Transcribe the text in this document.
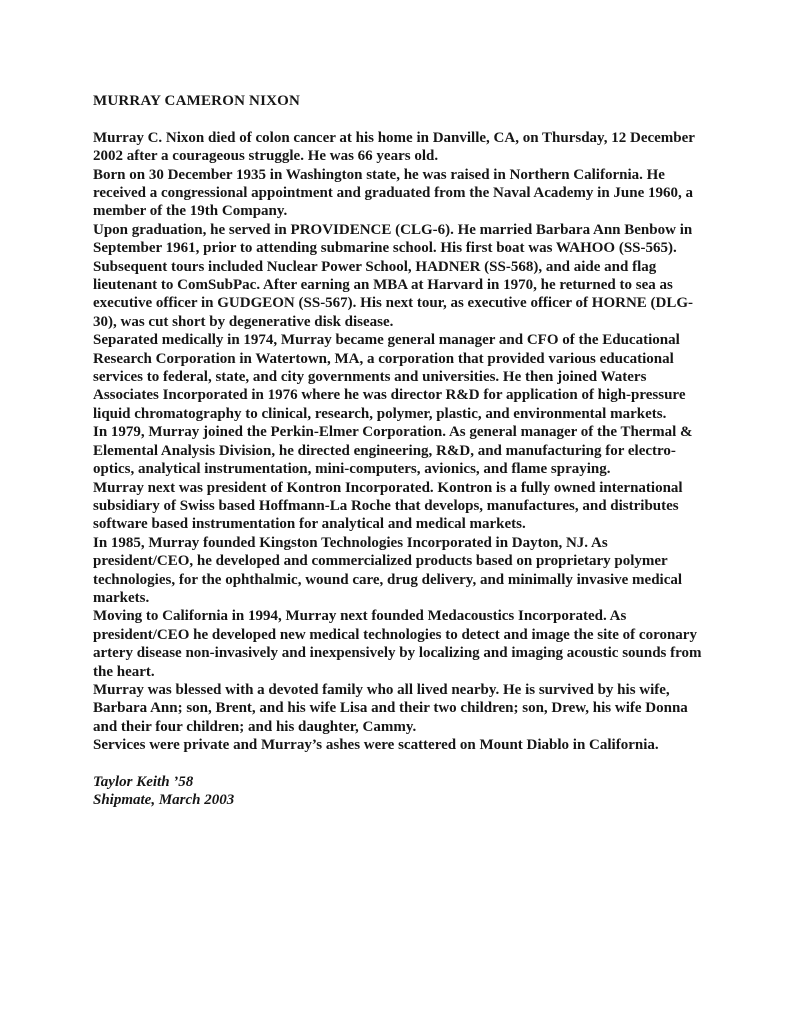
MURRAY CAMERON NIXON

Murray C. Nixon died of colon cancer at his home in Danville, CA, on Thursday, 12 December 2002 after a courageous struggle. He was 66 years old.

Born on 30 December 1935 in Washington state, he was raised in Northern California. He received a congressional appointment and graduated from the Naval Academy in June 1960, a member of the 19th Company.

Upon graduation, he served in PROVIDENCE (CLG-6). He married Barbara Ann Benbow in September 1961, prior to attending submarine school. His first boat was WAHOO (SS-565). Subsequent tours included Nuclear Power School, HADNER (SS-568), and aide and flag lieutenant to ComSubPac. After earning an MBA at Harvard in 1970, he returned to sea as executive officer in GUDGEON (SS-567). His next tour, as executive officer of HORNE (DLG-30), was cut short by degenerative disk disease.

Separated medically in 1974, Murray became general manager and CFO of the Educational Research Corporation in Watertown, MA, a corporation that provided various educational services to federal, state, and city governments and universities. He then joined Waters Associates Incorporated in 1976 where he was director R&D for application of high-pressure liquid chromatography to clinical, research, polymer, plastic, and environmental markets.

In 1979, Murray joined the Perkin-Elmer Corporation. As general manager of the Thermal & Elemental Analysis Division, he directed engineering, R&D, and manufacturing for electro-optics, analytical instrumentation, mini-computers, avionics, and flame spraying.

Murray next was president of Kontron Incorporated. Kontron is a fully owned international subsidiary of Swiss based Hoffmann-La Roche that develops, manufactures, and distributes software based instrumentation for analytical and medical markets.

In 1985, Murray founded Kingston Technologies Incorporated in Dayton, NJ. As president/CEO, he developed and commercialized products based on proprietary polymer technologies, for the ophthalmic, wound care, drug delivery, and minimally invasive medical markets.

Moving to California in 1994, Murray next founded Medacoustics Incorporated. As president/CEO he developed new medical technologies to detect and image the site of coronary artery disease non-invasively and inexpensively by localizing and imaging acoustic sounds from the heart.

Murray was blessed with a devoted family who all lived nearby. He is survived by his wife, Barbara Ann; son, Brent, and his wife Lisa and their two children; son, Drew, his wife Donna and their four children; and his daughter, Cammy.

Services were private and Murray’s ashes were scattered on Mount Diablo in California.

Taylor Keith ’58

Shipmate, March 2003
